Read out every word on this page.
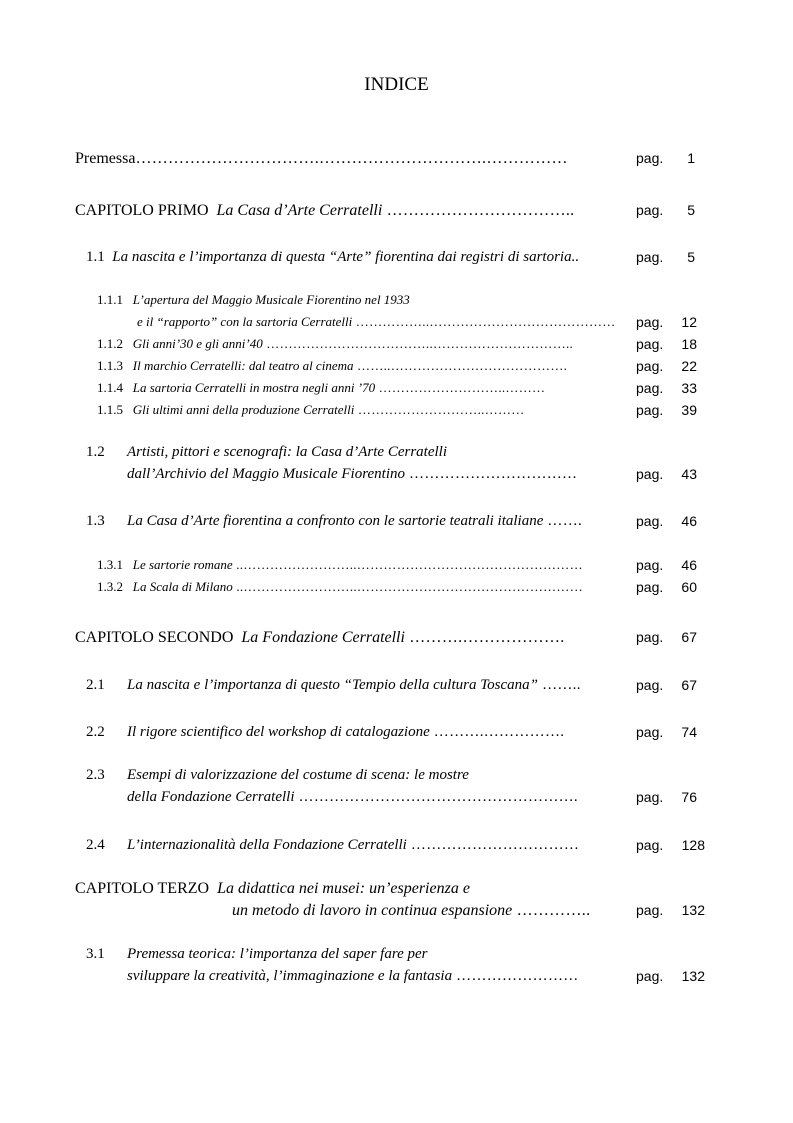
INDICE
Premessa…………………………….………………………….……………	pag.	1
CAPITOLO PRIMO La Casa d’Arte Cerratelli ……………………………..	pag.	5
1.1 La nascita e l’importanza di questa “Arte” fiorentina dai registri di sartoria..	pag.	5
1.1.1 L’apertura del Maggio Musicale Fiorentino nel 1933
e il “rapporto” con la sartoria Cerratelli ……………..…………………………………… pag.	12
1.1.2 Gli anni’30 e gli anni’40 ………………………………..…………………………..	pag.	18
1.1.3 Il marchio Cerratelli: dal teatro al cinema ……..………………………………….	pag.	22
1.1.4 La sartoria Cerratelli in mostra negli anni ’70 ………………………..………	pag.	33
1.1.5 Gli ultimi anni della produzione Cerratelli ………………………..………	pag.	39
1.2 Artisti, pittori e scenografi: la Casa d’Arte Cerratelli
dall’Archivio del Maggio Musicale Fiorentino ……………………………	pag.	43
1.3 La Casa d’Arte fiorentina a confronto con le sartorie teatrali italiane …….	pag.	46
1.3.1 Le sartorie romane ..……………………..……………………………………………	pag.	46
1.3.2 La Scala di Milano ..……………………..……………………………………………	pag.	60
CAPITOLO SECONDO La Fondazione Cerratelli ……….……………….	pag.	67
2.1 La nascita e l’importanza di questo “Tempio della cultura Toscana” ……..	pag.	67
2.2 Il rigore scientifico del workshop di catalogazione ……….…………….	pag.	74
2.3 Esempi di valorizzazione del costume di scena: le mostre
della Fondazione Cerratelli ……………………………………………….	pag.	76
2.4 L’internazionalità della Fondazione Cerratelli ……………………………	pag.	128
CAPITOLO TERZO La didattica nei musei: un’esperienza e
un metodo di lavoro in continua espansione …………..	pag.	132
3.1 Premessa teorica: l’importanza del saper fare per
sviluppare la creatività, l’immaginazione e la fantasia ……………………	pag.	132
